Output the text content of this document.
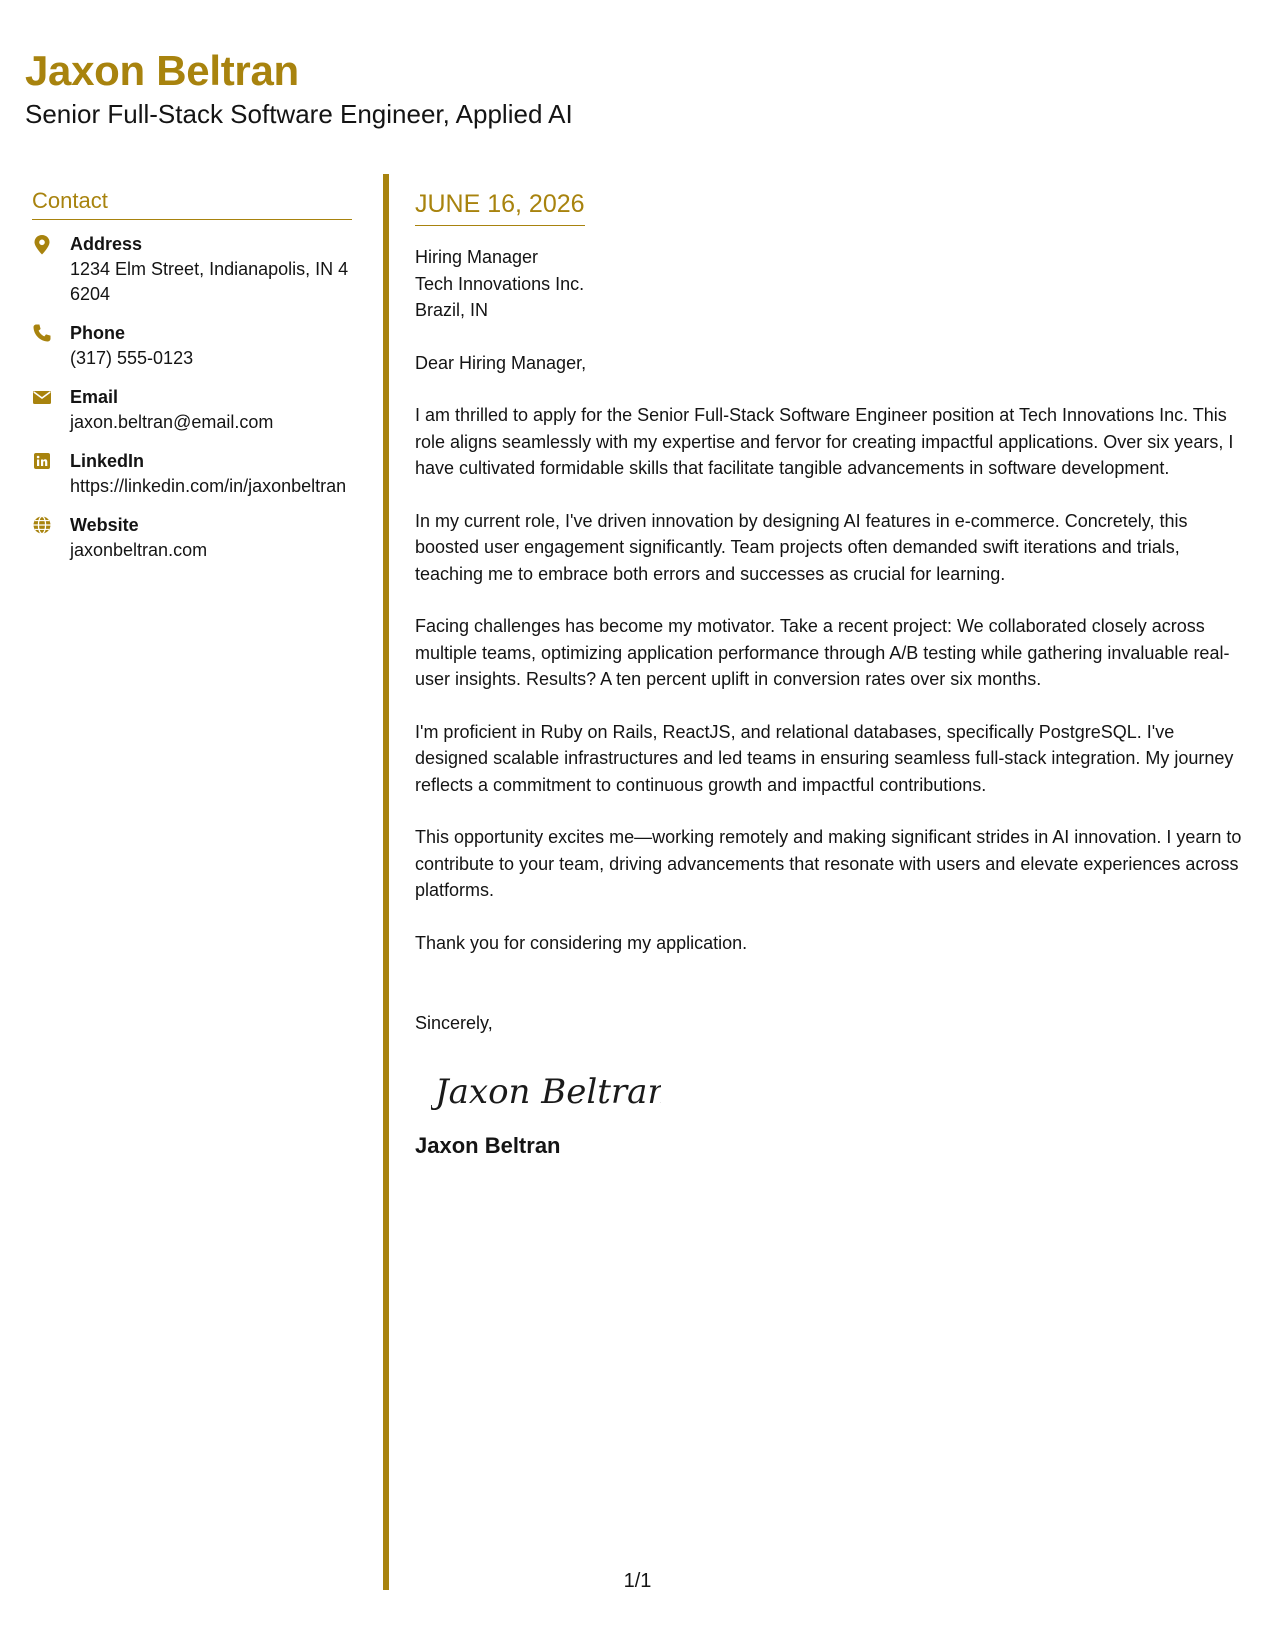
Jaxon Beltran
Senior Full-Stack Software Engineer, Applied AI
Contact
Address
1234 Elm Street, Indianapolis, IN 46204
Phone
(317) 555-0123
Email
jaxon.beltran@email.com
LinkedIn
https://linkedin.com/in/jaxonbeltran
Website
jaxonbeltran.com
JUNE 16, 2026
Hiring Manager
Tech Innovations Inc.
Brazil, IN
Dear Hiring Manager,

I am thrilled to apply for the Senior Full-Stack Software Engineer position at Tech Innovations Inc. This role aligns seamlessly with my expertise and fervor for creating impactful applications. Over six years, I have cultivated formidable skills that facilitate tangible advancements in software development.

In my current role, I've driven innovation by designing AI features in e-commerce. Concretely, this boosted user engagement significantly. Team projects often demanded swift iterations and trials, teaching me to embrace both errors and successes as crucial for learning.

Facing challenges has become my motivator. Take a recent project: We collaborated closely across multiple teams, optimizing application performance through A/B testing while gathering invaluable real-user insights. Results? A ten percent uplift in conversion rates over six months.

I'm proficient in Ruby on Rails, ReactJS, and relational databases, specifically PostgreSQL. I've designed scalable infrastructures and led teams in ensuring seamless full-stack integration. My journey reflects a commitment to continuous growth and impactful contributions.

This opportunity excites me—working remotely and making significant strides in AI innovation. I yearn to contribute to your team, driving advancements that resonate with users and elevate experiences across platforms.

Thank you for considering my application.

Sincerely,
Jaxon Beltran
Jaxon Beltran
1/1
